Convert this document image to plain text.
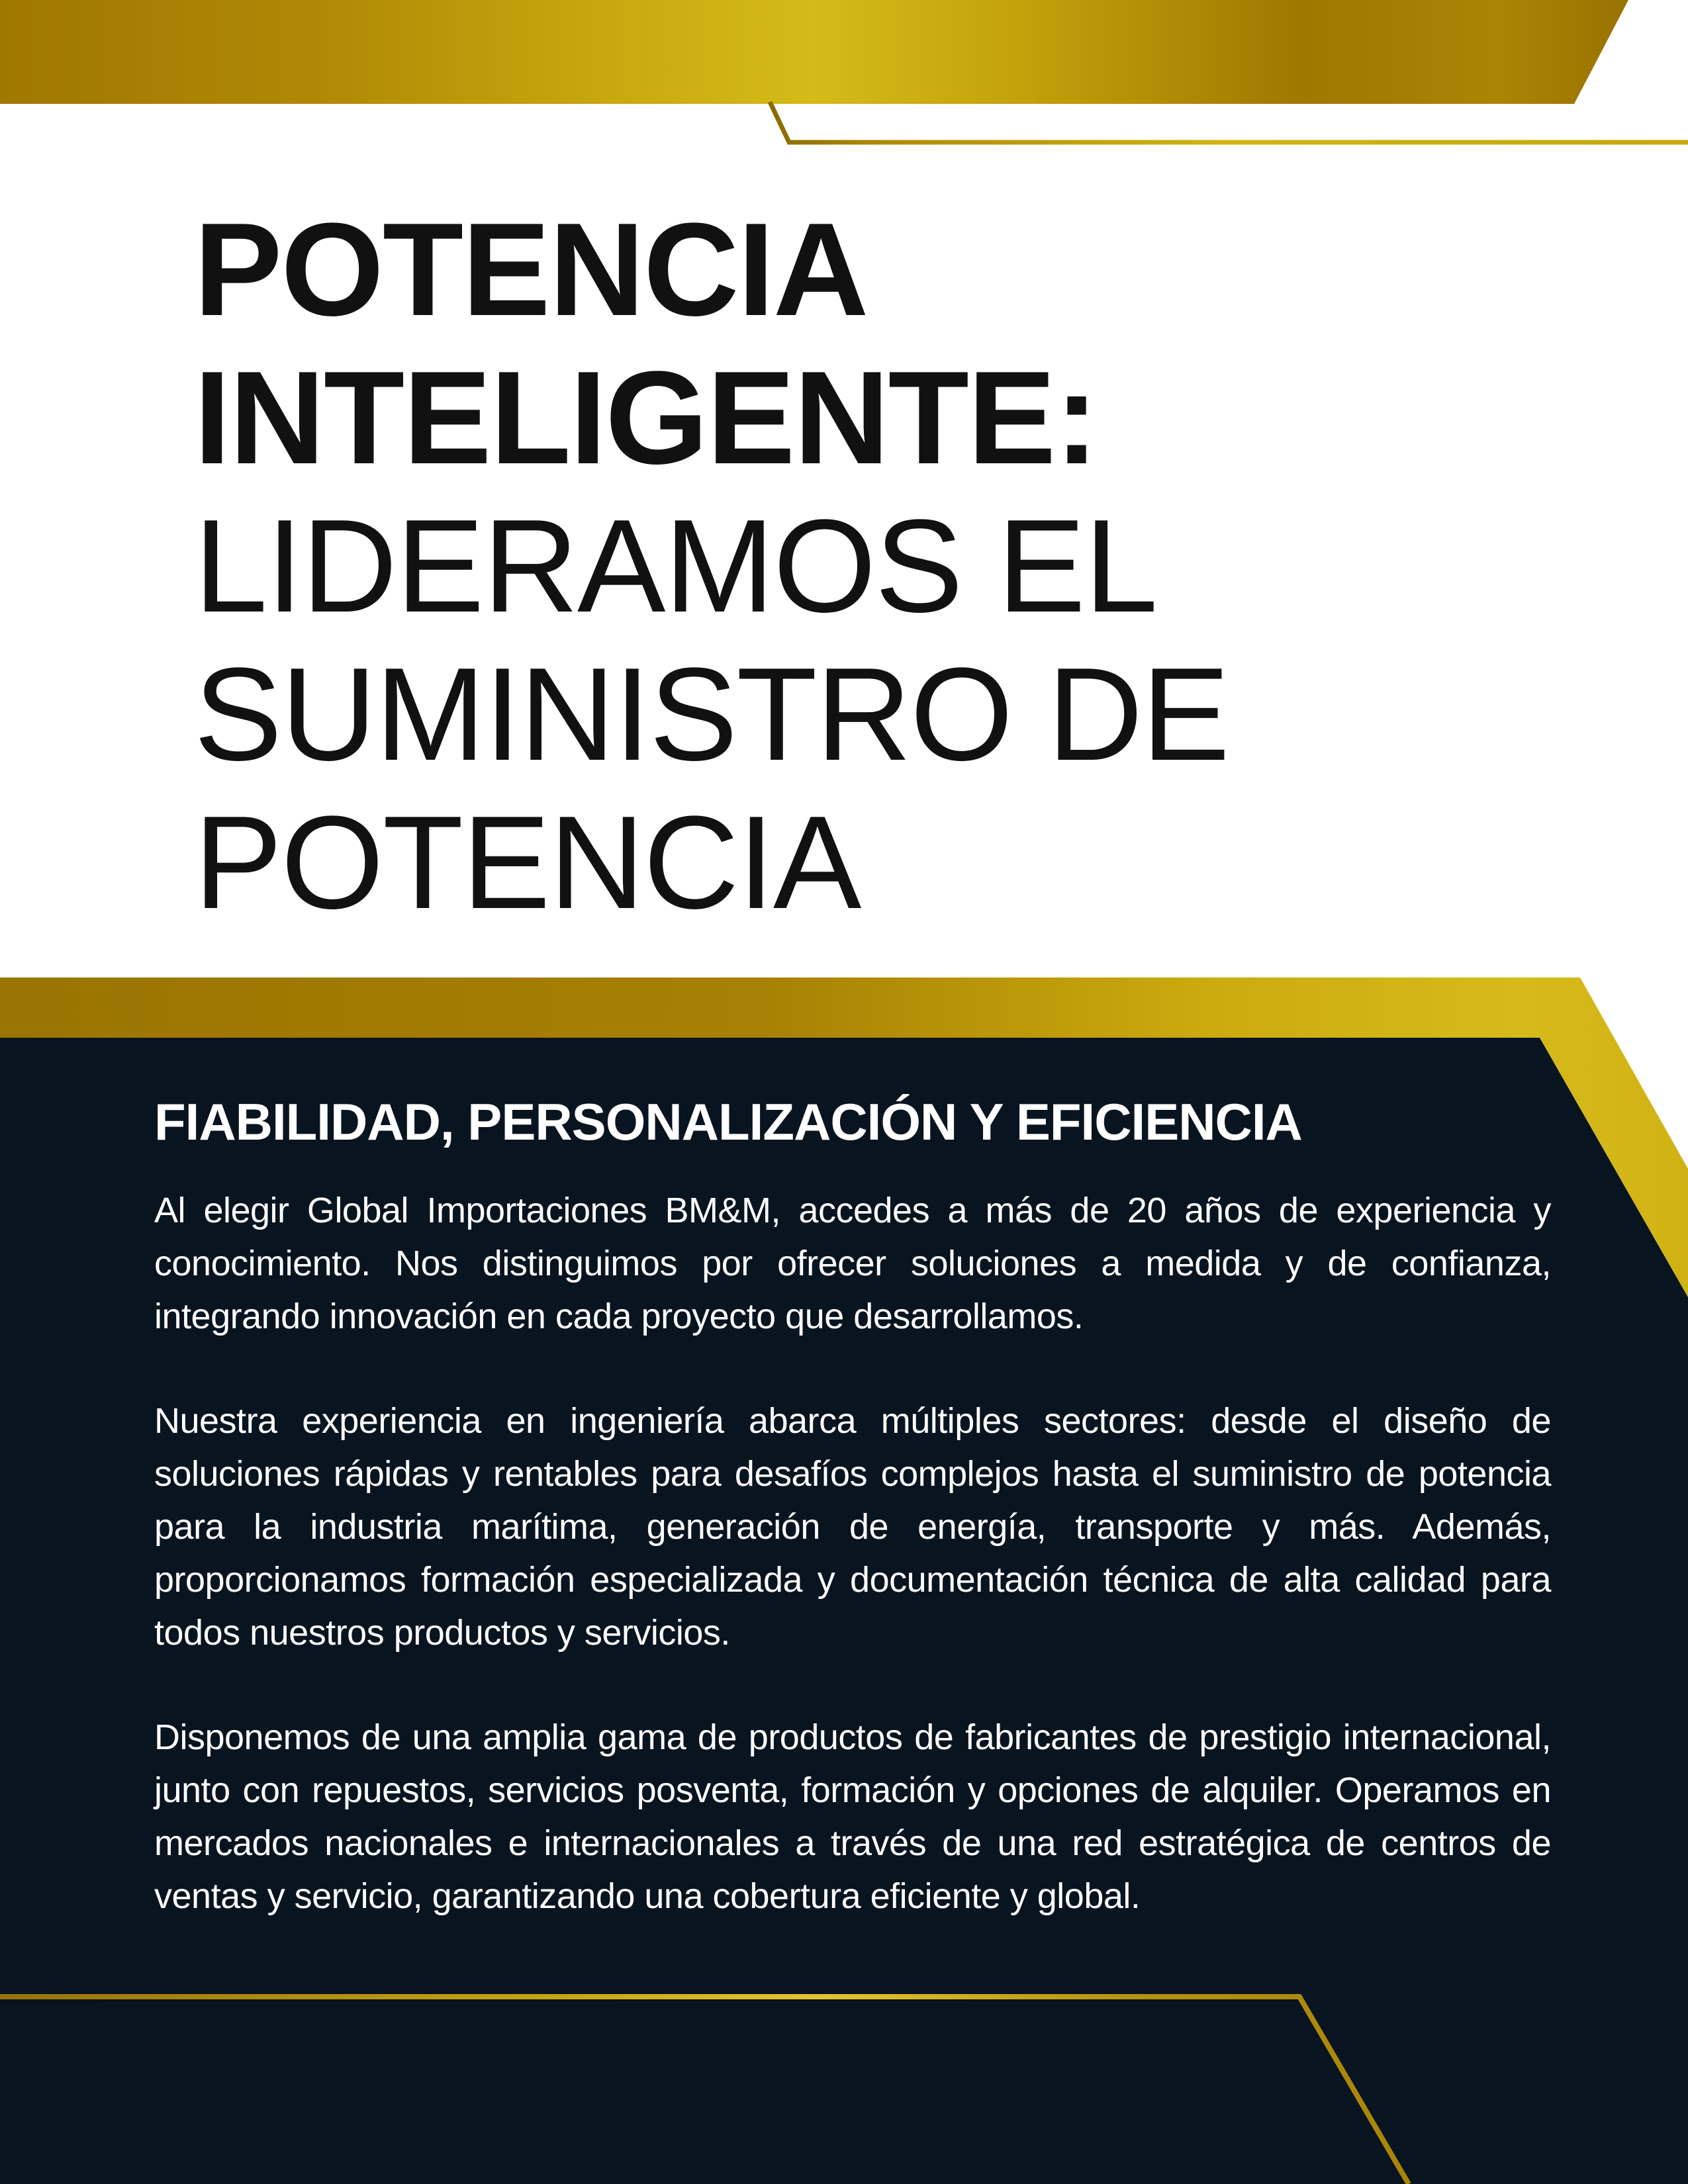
POTENCIA
INTELIGENTE:
LIDERAMOS EL
SUMINISTRO DE
POTENCIA
FIABILIDAD, PERSONALIZACIÓN Y EFICIENCIA

Al elegir Global Importaciones BM&M, accedes a más de 20 años de experiencia y conocimiento. Nos distinguimos por ofrecer soluciones a medida y de confianza, integrando innovación en cada proyecto que desarrollamos.

Nuestra experiencia en ingeniería abarca múltiples sectores: desde el diseño de soluciones rápidas y rentables para desafíos complejos hasta el suministro de potencia para la industria marítima, generación de energía, transporte y más. Además, proporcionamos formación especializada y documentación técnica de alta calidad para todos nuestros productos y servicios.

Disponemos de una amplia gama de productos de fabricantes de prestigio internacional, junto con repuestos, servicios posventa, formación y opciones de alquiler. Operamos en mercados nacionales e internacionales a través de una red estratégica de centros de ventas y servicio, garantizando una cobertura eficiente y global.
